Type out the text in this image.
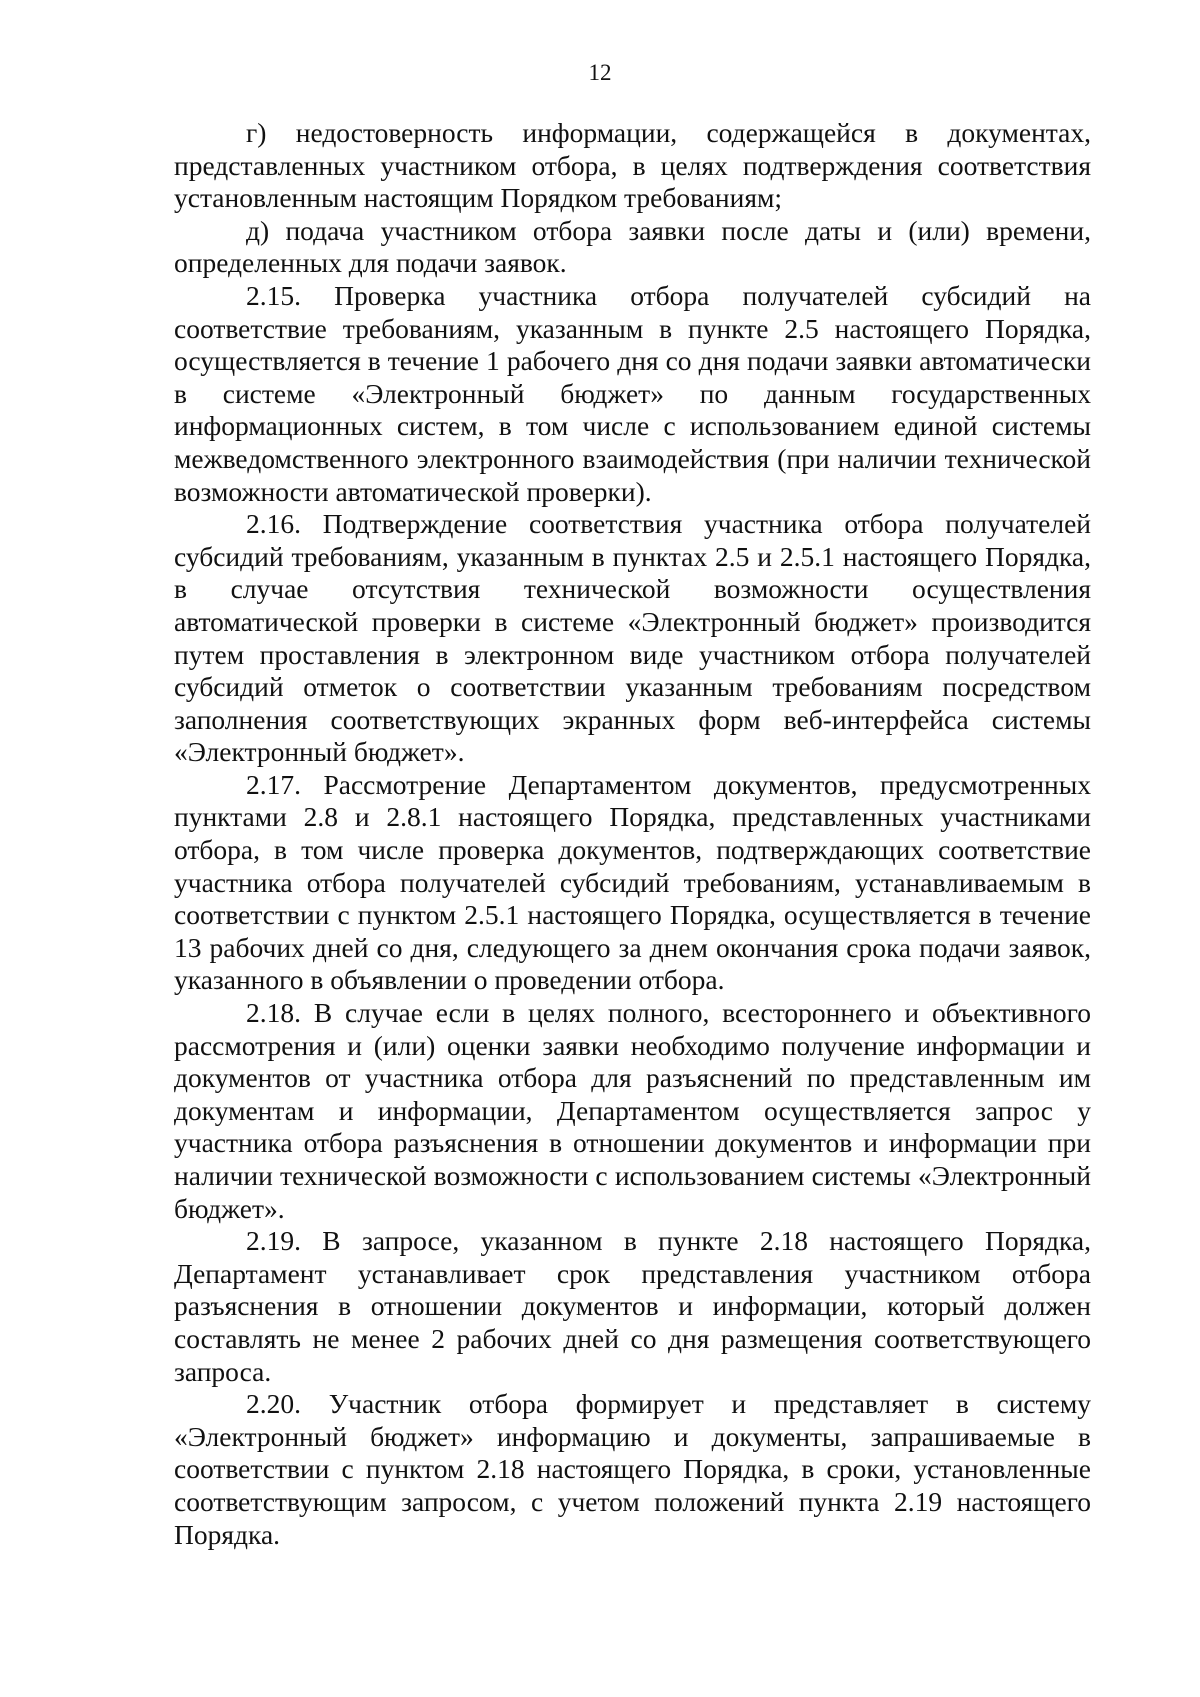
12

г) недостоверность информации, содержащейся в документах, представленных участником отбора, в целях подтверждения соответствия установленным настоящим Порядком требованиям;

д) подача участником отбора заявки после даты и (или) времени, определенных для подачи заявок.

2.15. Проверка участника отбора получателей субсидий на соответствие требованиям, указанным в пункте 2.5 настоящего Порядка, осуществляется в течение 1 рабочего дня со дня подачи заявки автоматически в системе «Электронный бюджет» по данным государственных информационных систем, в том числе с использованием единой системы межведомственного электронного взаимодействия (при наличии технической возможности автоматической проверки).

2.16. Подтверждение соответствия участника отбора получателей субсидий требованиям, указанным в пунктах 2.5 и 2.5.1 настоящего Порядка, в случае отсутствия технической возможности осуществления автоматической проверки в системе «Электронный бюджет» производится путем проставления в электронном виде участником отбора получателей субсидий отметок о соответствии указанным требованиям посредством заполнения соответствующих экранных форм веб-интерфейса системы «Электронный бюджет».

2.17. Рассмотрение Департаментом документов, предусмотренных пунктами 2.8 и 2.8.1 настоящего Порядка, представленных участниками отбора, в том числе проверка документов, подтверждающих соответствие участника отбора получателей субсидий требованиям, устанавливаемым в соответствии с пунктом 2.5.1 настоящего Порядка, осуществляется в течение 13 рабочих дней со дня, следующего за днем окончания срока подачи заявок, указанного в объявлении о проведении отбора.

2.18. В случае если в целях полного, всестороннего и объективного рассмотрения и (или) оценки заявки необходимо получение информации и документов от участника отбора для разъяснений по представленным им документам и информации, Департаментом осуществляется запрос у участника отбора разъяснения в отношении документов и информации при наличии технической возможности с использованием системы «Электронный бюджет».

2.19. В запросе, указанном в пункте 2.18 настоящего Порядка, Департамент устанавливает срок представления участником отбора разъяснения в отношении документов и информации, который должен составлять не менее 2 рабочих дней со дня размещения соответствующего запроса.

2.20. Участник отбора формирует и представляет в систему «Электронный бюджет» информацию и документы, запрашиваемые в соответствии с пунктом 2.18 настоящего Порядка, в сроки, установленные соответствующим запросом, с учетом положений пункта 2.19 настоящего Порядка.
